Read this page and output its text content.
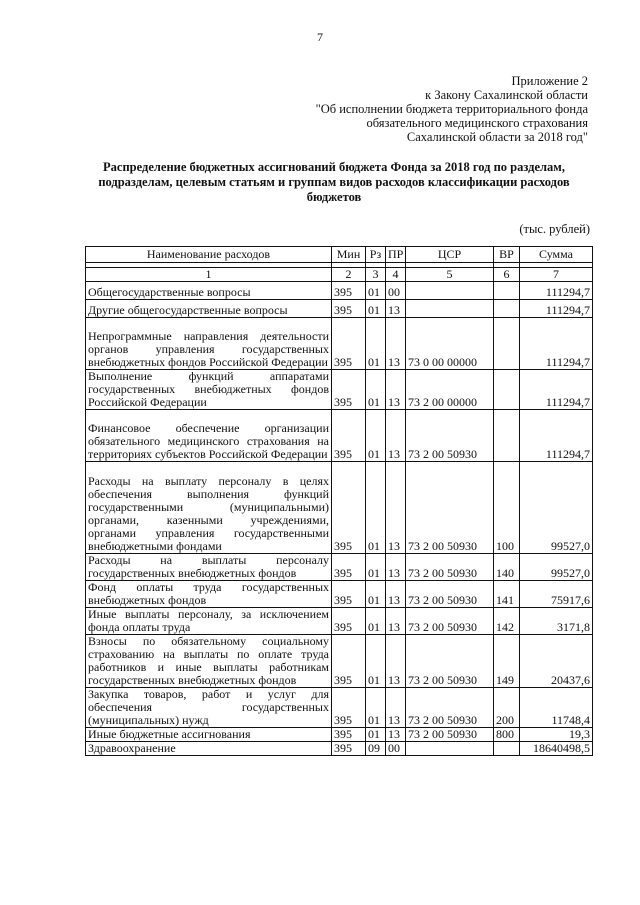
7
Приложение 2
к Закону Сахалинской области
"Об исполнении бюджета территориального фонда
обязательного медицинского страхования
Сахалинской области за 2018 год"
Распределение бюджетных ассигнований бюджета Фонда за 2018 год по разделам,
подразделам, целевым статьям и группам видов расходов классификации расходов
бюджетов
(тыс. рублей)
Наименование расходов	Мин	Рз	ПР	ЦСР	ВР	Сумма

1	2	3	4	5	6	7
Общегосударственные вопросы	395	01	00			111294,7
Другие общегосударственные вопросы	395	01	13			111294,7
Непрограммные направления деятельности органов управления государственных внебюджетных фондов Российской Федерации	395	01	13	73 0 00 00000		111294,7
Выполнение функций аппаратами государственных внебюджетных фондов Российской Федерации	395	01	13	73 2 00 00000		111294,7
Финансовое обеспечение организации обязательного медицинского страхования на территориях субъектов Российской Федерации	395	01	13	73 2 00 50930		111294,7
Расходы на выплату персоналу в целях обеспечения выполнения функций государственными (муниципальными) органами, казенными учреждениями, органами управления государственными внебюджетными фондами	395	01	13	73 2 00 50930	100	99527,0
Расходы на выплаты персоналу государственных внебюджетных фондов	395	01	13	73 2 00 50930	140	99527,0
Фонд оплаты труда государственных внебюджетных фондов	395	01	13	73 2 00 50930	141	75917,6
Иные выплаты персоналу, за исключением фонда оплаты труда	395	01	13	73 2 00 50930	142	3171,8
Взносы по обязательному социальному страхованию на выплаты по оплате труда работников и иные выплаты работникам государственных внебюджетных фондов	395	01	13	73 2 00 50930	149	20437,6
Закупка товаров, работ и услуг для обеспечения государственных (муниципальных) нужд	395	01	13	73 2 00 50930	200	11748,4
Иные бюджетные ассигнования	395	01	13	73 2 00 50930	800	19,3
Здравоохранение	395	09	00			18640498,5
